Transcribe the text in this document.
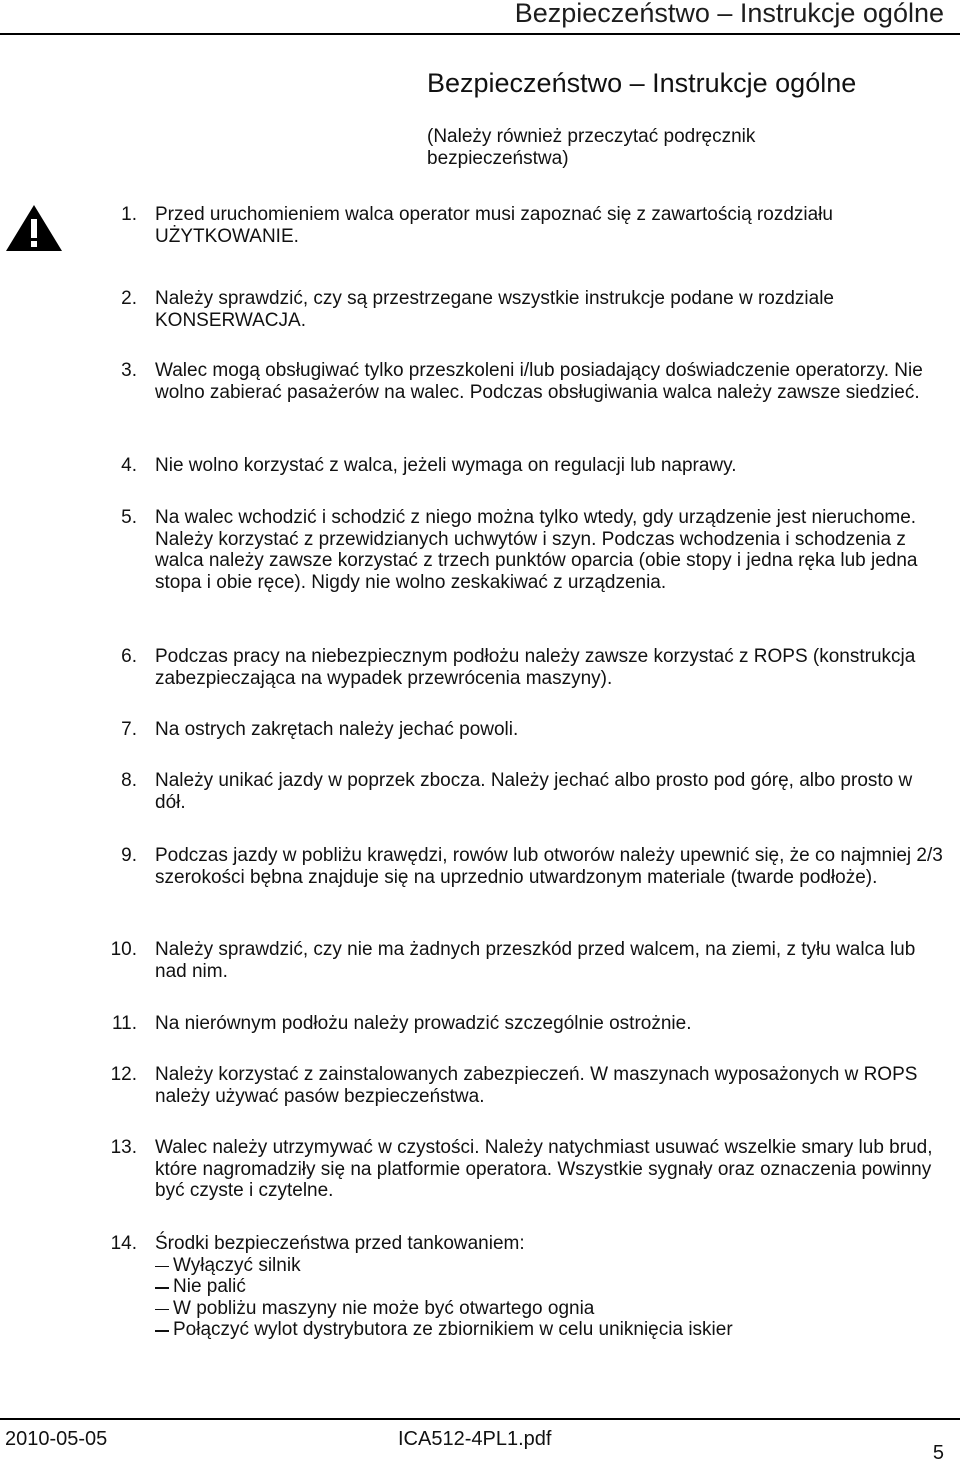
Bezpieczeństwo – Instrukcje ogólne
Bezpieczeństwo – Instrukcje ogólne
(Należy również przeczytać podręcznik bezpieczeństwa)
1. Przed uruchomieniem walca operator musi zapoznać się z zawartością rozdziału UŻYTKOWANIE.
2. Należy sprawdzić, czy są przestrzegane wszystkie instrukcje podane w rozdziale KONSERWACJA.
3. Walec mogą obsługiwać tylko przeszkoleni i/lub posiadający doświadczenie operatorzy. Nie wolno zabierać pasażerów na walec. Podczas obsługiwania walca należy zawsze siedzieć.
4. Nie wolno korzystać z walca, jeżeli wymaga on regulacji lub naprawy.
5. Na walec wchodzić i schodzić z niego można tylko wtedy, gdy urządzenie jest nieruchome. Należy korzystać z przewidzianych uchwytów i szyn. Podczas wchodzenia i schodzenia z walca należy zawsze korzystać z trzech punktów oparcia (obie stopy i jedna ręka lub jedna stopa i obie ręce). Nigdy nie wolno zeskakiwać z urządzenia.
6. Podczas pracy na niebezpiecznym podłożu należy zawsze korzystać z ROPS (konstrukcja zabezpieczająca na wypadek przewrócenia maszyny).
7. Na ostrych zakrętach należy jechać powoli.
8. Należy unikać jazdy w poprzek zbocza. Należy jechać albo prosto pod górę, albo prosto w dół.
9. Podczas jazdy w pobliżu krawędzi, rowów lub otworów należy upewnić się, że co najmniej 2/3 szerokości bębna znajduje się na uprzednio utwardzonym materiale (twarde podłoże).
10. Należy sprawdzić, czy nie ma żadnych przeszkód przed walcem, na ziemi, z tyłu walca lub nad nim.
11. Na nierównym podłożu należy prowadzić szczególnie ostrożnie.
12. Należy korzystać z zainstalowanych zabezpieczeń. W maszynach wyposażonych w ROPS należy używać pasów bezpieczeństwa.
13. Walec należy utrzymywać w czystości. Należy natychmiast usuwać wszelkie smary lub brud, które nagromadziły się na platformie operatora. Wszystkie sygnały oraz oznaczenia powinny być czyste i czytelne.
14. Środki bezpieczeństwa przed tankowaniem:
Wyłączyć silnik
Nie palić
W pobliżu maszyny nie może być otwartego ognia
Połączyć wylot dystrybutora ze zbiornikiem w celu uniknięcia iskier
2010-05-05	ICA512-4PL1.pdf
5
